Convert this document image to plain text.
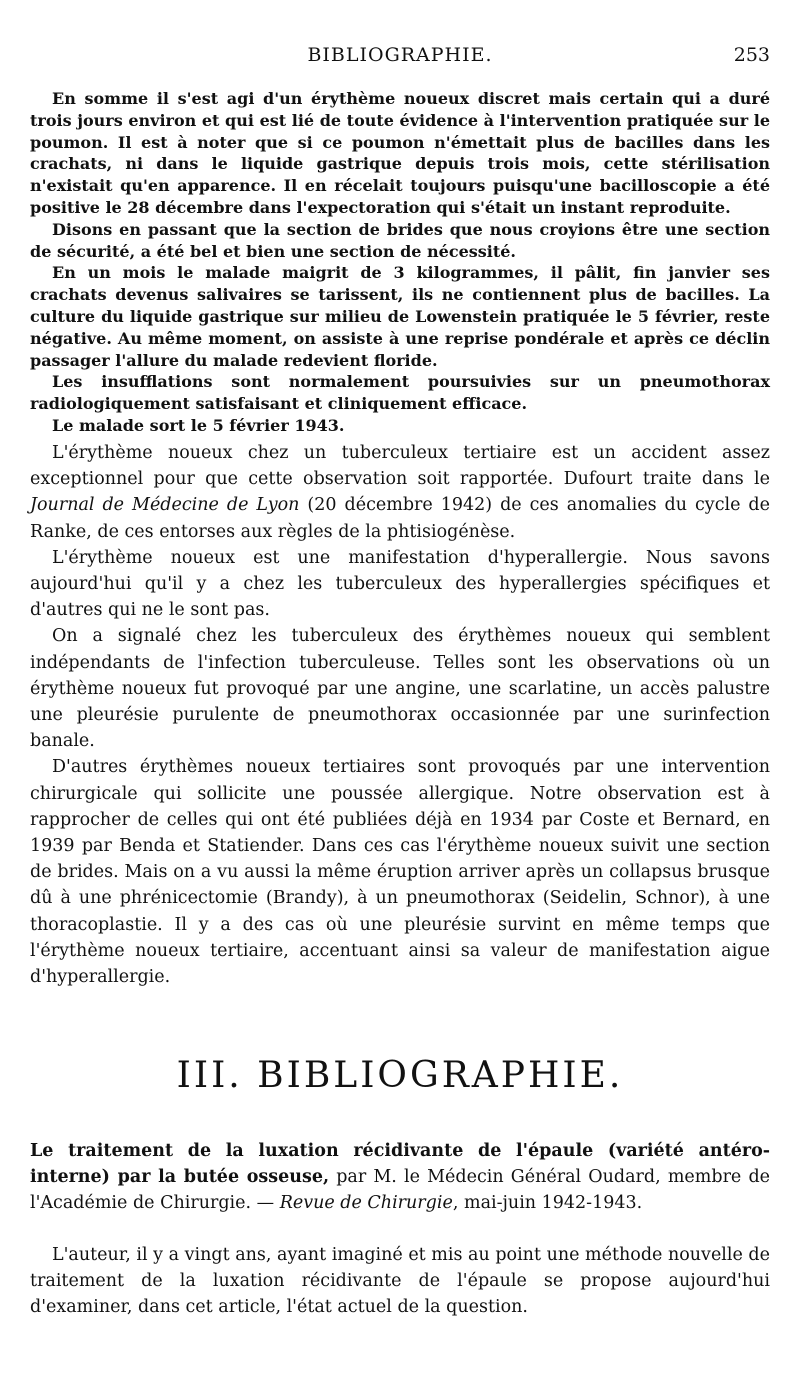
BIBLIOGRAPHIE.	253

En somme il s'est agi d'un érythème noueux discret mais certain qui a duré trois jours environ et qui est lié de toute évidence à l'intervention pratiquée sur le poumon. Il est à noter que si ce poumon n'émettait plus de bacilles dans les crachats, ni dans le liquide gastrique depuis trois mois, cette stérilisation n'existait qu'en apparence. Il en récelait toujours puisqu'une bacilloscopie a été positive le 28 décembre dans l'expectoration qui s'était un instant reproduite.

Disons en passant que la section de brides que nous croyions être une section de sécurité, a été bel et bien une section de nécessité.

En un mois le malade maigrit de 3 kilogrammes, il pâlit, fin janvier ses crachats devenus salivaires se tarissent, ils ne contiennent plus de bacilles. La culture du liquide gastrique sur milieu de Lowenstein pratiquée le 5 février, reste négative. Au même moment, on assiste à une reprise pondérale et après ce déclin passager l'allure du malade redevient floride.

Les insufflations sont normalement poursuivies sur un pneumothorax radiologiquement satisfaisant et cliniquement efficace.

Le malade sort le 5 février 1943.

L'érythème noueux chez un tuberculeux tertiaire est un accident assez exceptionnel pour que cette observation soit rapportée. Dufourt traite dans le Journal de Médecine de Lyon (20 décembre 1942) de ces anomalies du cycle de Ranke, de ces entorses aux règles de la phtisiogénèse.

L'érythème noueux est une manifestation d'hyperallergie. Nous savons aujourd'hui qu'il y a chez les tuberculeux des hyperallergies spécifiques et d'autres qui ne le sont pas.

On a signalé chez les tuberculeux des érythèmes noueux qui semblent indépendants de l'infection tuberculeuse. Telles sont les observations où un érythème noueux fut provoqué par une angine, une scarlatine, un accès palustre une pleurésie purulente de pneumothorax occasionnée par une surinfection banale.

D'autres érythèmes noueux tertiaires sont provoqués par une intervention chirurgicale qui sollicite une poussée allergique. Notre observation est à rapprocher de celles qui ont été publiées déjà en 1934 par Coste et Bernard, en 1939 par Benda et Statiender. Dans ces cas l'érythème noueux suivit une section de brides. Mais on a vu aussi la même éruption arriver après un collapsus brusque dû à une phrénicectomie (Brandy), à un pneumothorax (Seidelin, Schnor), à une thoracoplastie. Il y a des cas où une pleurésie survint en même temps que l'érythème noueux tertiaire, accentuant ainsi sa valeur de manifestation aigue d'hyperallergie.

III. BIBLIOGRAPHIE.

Le traitement de la luxation récidivante de l'épaule (variété antéro-interne) par la butée osseuse, par M. le Médecin Général Oudard, membre de l'Académie de Chirurgie. — Revue de Chirurgie, mai-juin 1942-1943.

L'auteur, il y a vingt ans, ayant imaginé et mis au point une méthode nouvelle de traitement de la luxation récidivante de l'épaule se propose aujourd'hui d'examiner, dans cet article, l'état actuel de la question.
